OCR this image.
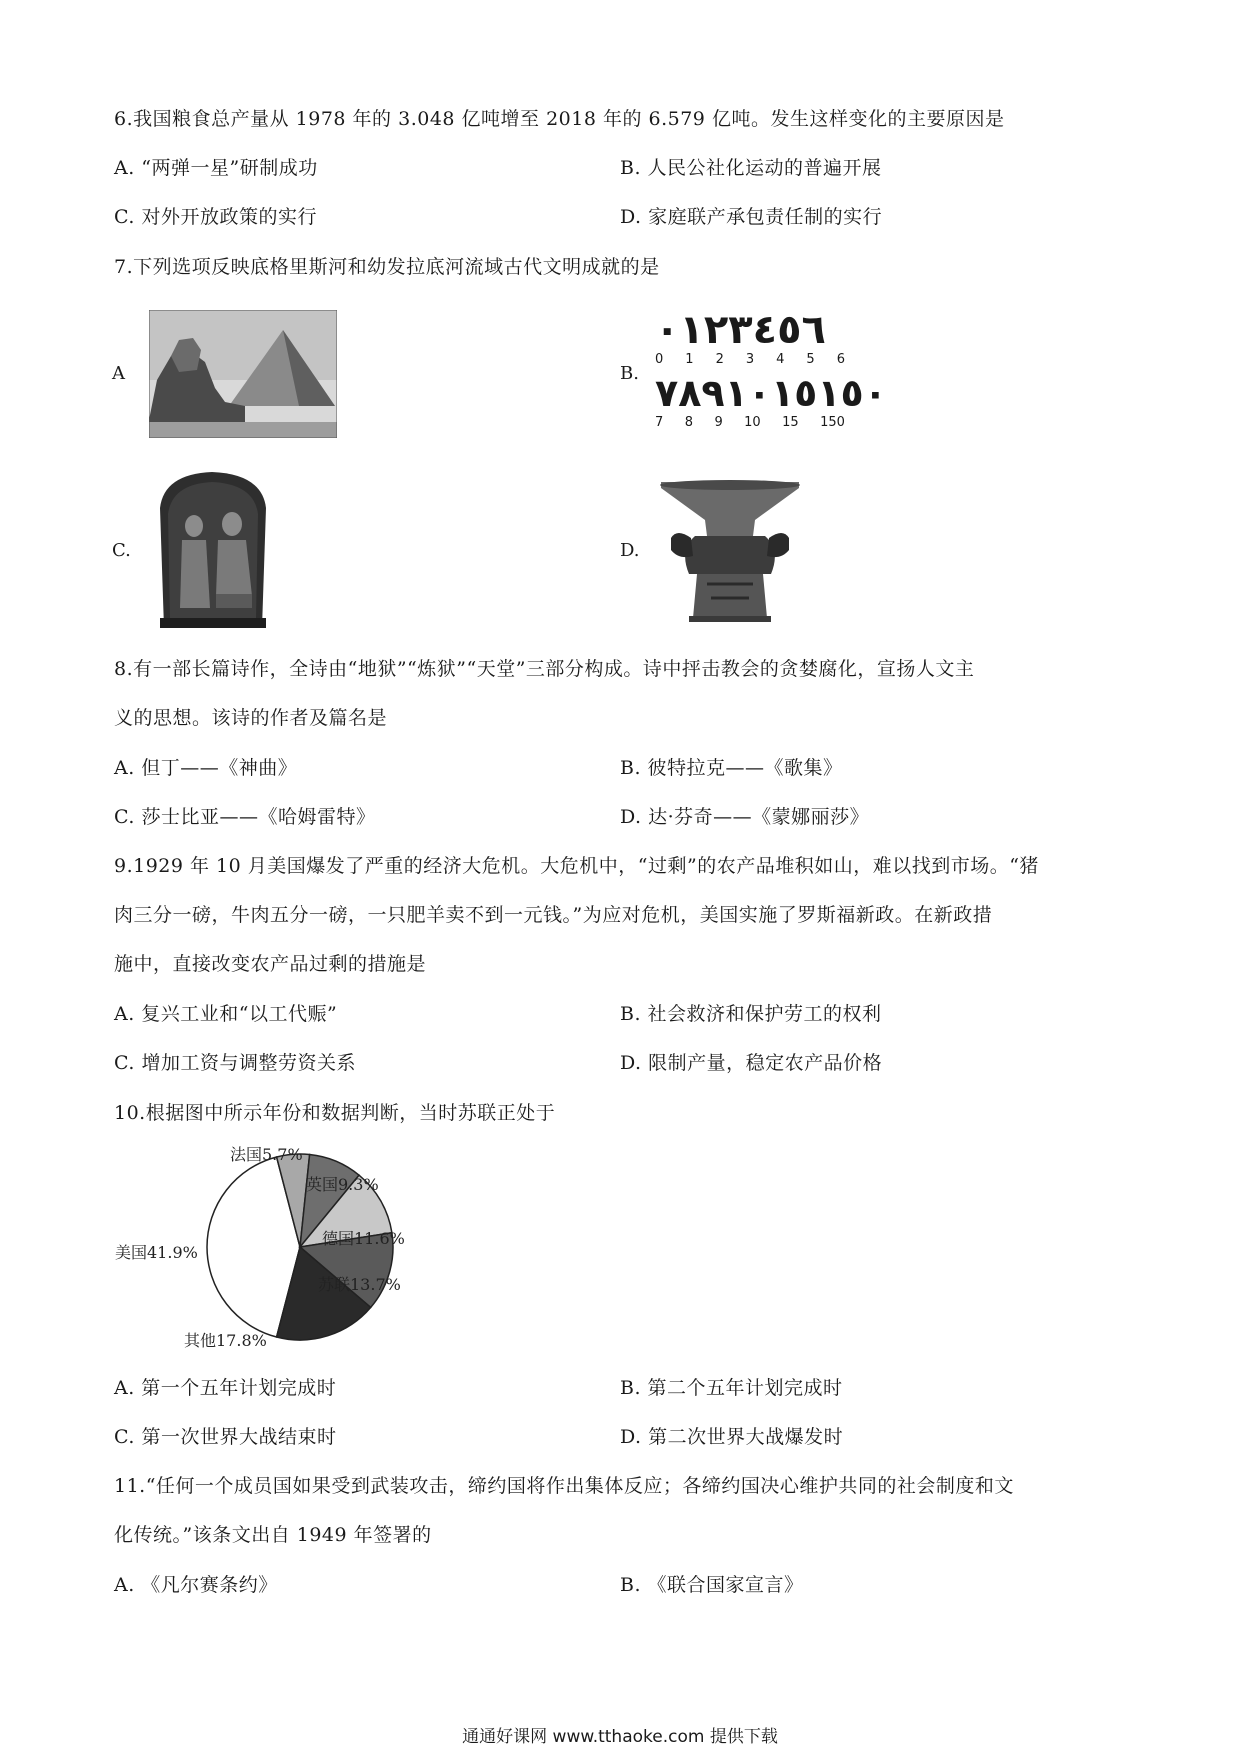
6.我国粮食总产量从 1978 年的 3.048 亿吨增至 2018 年的 6.579 亿吨。发生这样变化的主要原因是
A. “两弹一星”研制成功	B. 人民公社化运动的普遍开展
C. 对外开放政策的实行	D. 家庭联产承包责任制的实行
7.下列选项反映底格里斯河和幼发拉底河流域古代文明成就的是
A	B.
٠١٢٣٤٥٦
0 1 2 3 4 5 6
٧٨٩١٠١٥١٥٠
7 8 9 10 15 150
C.	D.
8.有一部长篇诗作，全诗由“地狱”“炼狱”“天堂”三部分构成。诗中抨击教会的贪婪腐化，宣扬人文主
义的思想。该诗的作者及篇名是
A. 但丁——《神曲》	B. 彼特拉克——《歌集》
C. 莎士比亚——《哈姆雷特》	D. 达·芬奇——《蒙娜丽莎》
9.1929 年 10 月美国爆发了严重的经济大危机。大危机中，“过剩”的农产品堆积如山，难以找到市场。“猪
肉三分一磅，牛肉五分一磅，一只肥羊卖不到一元钱。”为应对危机，美国实施了罗斯福新政。在新政措
施中，直接改变农产品过剩的措施是
A. 复兴工业和“以工代赈”	B. 社会救济和保护劳工的权利
C. 增加工资与调整劳资关系	D. 限制产量，稳定农产品价格
10.根据图中所示年份和数据判断，当时苏联正处于
美国41.9%
法国5.7%
英国9.3%
德国11.6%
苏联13.7%
其他17.8%
A. 第一个五年计划完成时	B. 第二个五年计划完成时
C. 第一次世界大战结束时	D. 第二次世界大战爆发时
11.“任何一个成员国如果受到武装攻击，缔约国将作出集体反应；各缔约国决心维护共同的社会制度和文
化传统。”该条文出自 1949 年签署的
A. 《凡尔赛条约》	B. 《联合国家宣言》
通通好课网 www.tthaoke.com 提供下载
